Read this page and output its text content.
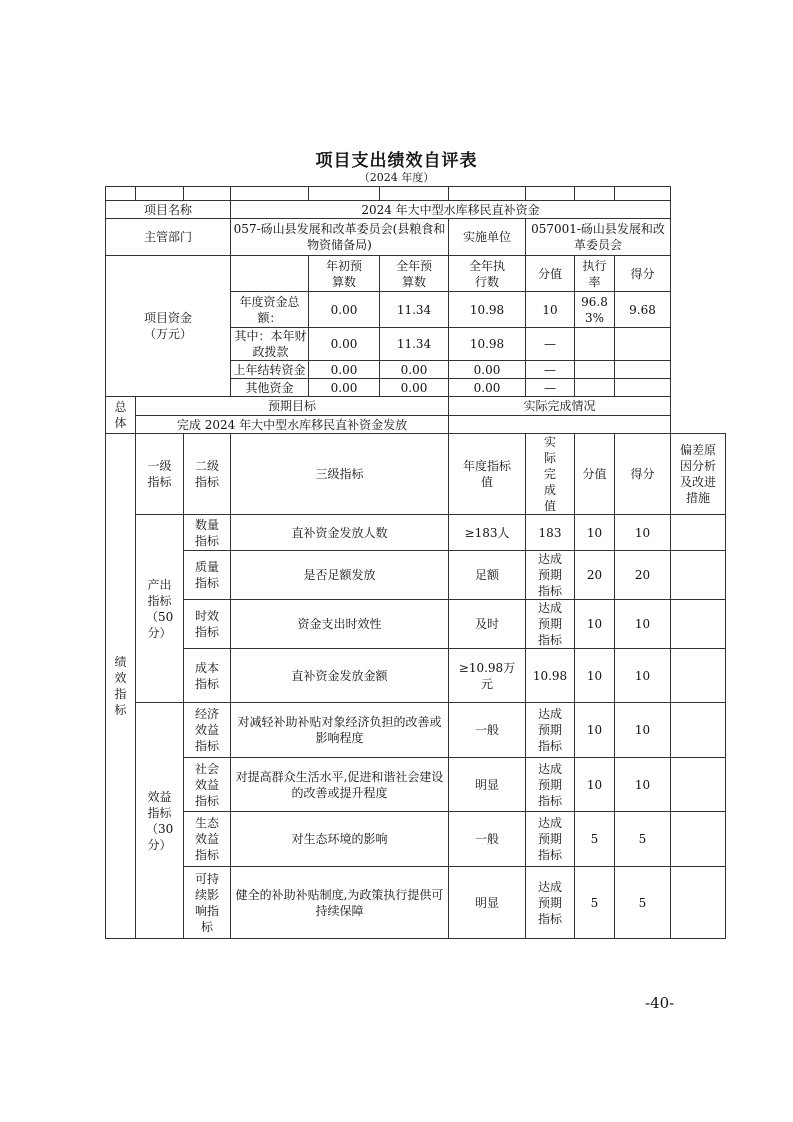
项目支出绩效自评表
（2024 年度）

项目名称			2024 年大中型水库移民直补资金							
主管部门			057-砀山县发展和改革委员会(县粮食和物资储备局)			实施单位	057001-砀山县发展和改革委员会			
项目资金（万元）				年初预算数	全年预算数	全年执行数	分值	执行率	得分	
			年度资金总额：	0.00	11.34	10.98	10	96.83%	9.68	
			其中：本年财政拨款	0.00	11.34	10.98	—			
			上年结转资金	0.00	0.00	0.00	—			
			其他资金	0.00	0.00	0.00	—			
总体	预期目标					实际完成情况				
	完成 2024 年大中型水库移民直补资金发放									
绩效指标	一级指标	二级指标	三级指标			年度指标值	实际完成值	分值	得分	偏差原因分析及改进措施
	产出指标（50分）	数量指标	直补资金发放人数			≥183人	183	10	10	
		质量指标	是否足额发放			足额	达成预期指标	20	20	
		时效指标	资金支出时效性			及时	达成预期指标	10	10	
		成本指标	直补资金发放金额			≥10.98万元	10.98	10	10	
	效益指标（30分）	经济效益指标	对减轻补助补贴对象经济负担的改善或影响程度			一般	达成预期指标	10	10	
		社会效益指标	对提高群众生活水平,促进和谐社会建设的改善或提升程度			明显	达成预期指标	10	10	
		生态效益指标	对生态环境的影响			一般	达成预期指标	5	5	
		可持续影响指标	健全的补助补贴制度,为政策执行提供可持续保障			明显	达成预期指标	5	5	
-40-
